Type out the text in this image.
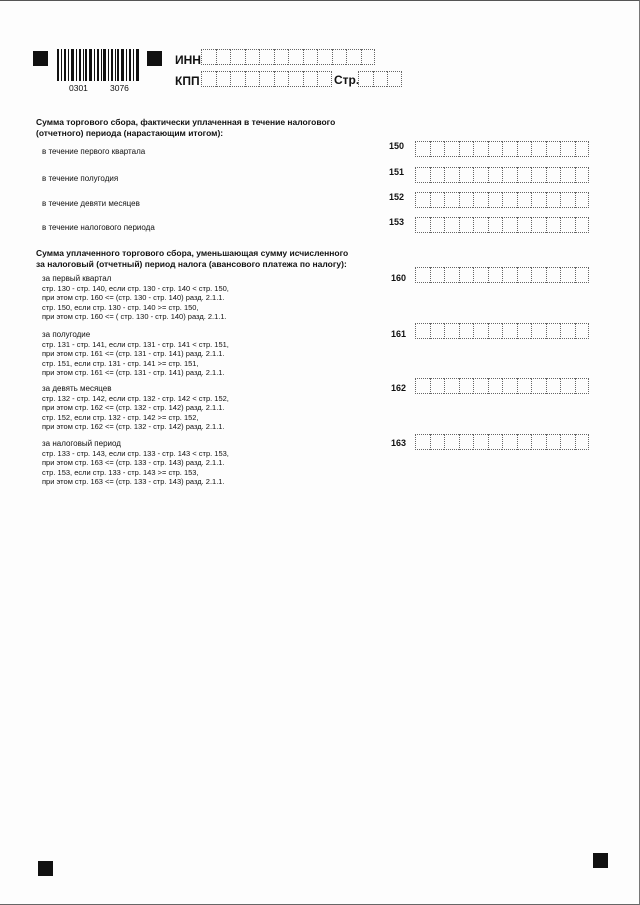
0301	3076
ИНН
КПП	Стр.
Сумма торгового сбора, фактически уплаченная в течение налогового
(отчетного) периода (нарастающим итогом):
в течение первого квартала
150
в течение полугодия
151
в течение девяти месяцев
152
в течение налогового периода
153
Сумма уплаченного торгового сбора, уменьшающая сумму исчисленного
за налоговый (отчетный) период налога (авансового платежа по налогу):
за первый квартал
стр. 130 - стр. 140, если стр. 130 - стр. 140 < стр. 150,
при этом стр. 160 <= (стр. 130 - стр. 140) разд. 2.1.1.
стр. 150, если стр. 130 - стр. 140 >= стр. 150,
при этом стр. 160 <= ( стр. 130 - стр. 140) разд. 2.1.1.
160
за полугодие
стр. 131 - стр. 141, если стр. 131 - стр. 141 < стр. 151,
при этом стр. 161 <= (стр. 131 - стр. 141) разд. 2.1.1.
стр. 151, если стр. 131 - стр. 141 >= стр. 151,
при этом стр. 161 <= (стр. 131 - стр. 141) разд. 2.1.1.
161
за девять месяцев
стр. 132 - стр. 142, если стр. 132 - стр. 142 < стр. 152,
при этом стр. 162 <= (стр. 132 - стр. 142) разд. 2.1.1.
стр. 152, если стр. 132 - стр. 142 >= стр. 152,
при этом стр. 162 <= (стр. 132 - стр. 142) разд. 2.1.1.
162
за налоговый период
стр. 133 - стр. 143, если стр. 133 - стр. 143 < стр. 153,
при этом стр. 163 <= (стр. 133 - стр. 143) разд. 2.1.1.
стр. 153, если стр. 133 - стр. 143 >= стр. 153,
при этом стр. 163 <= (стр. 133 - стр. 143) разд. 2.1.1.
163
